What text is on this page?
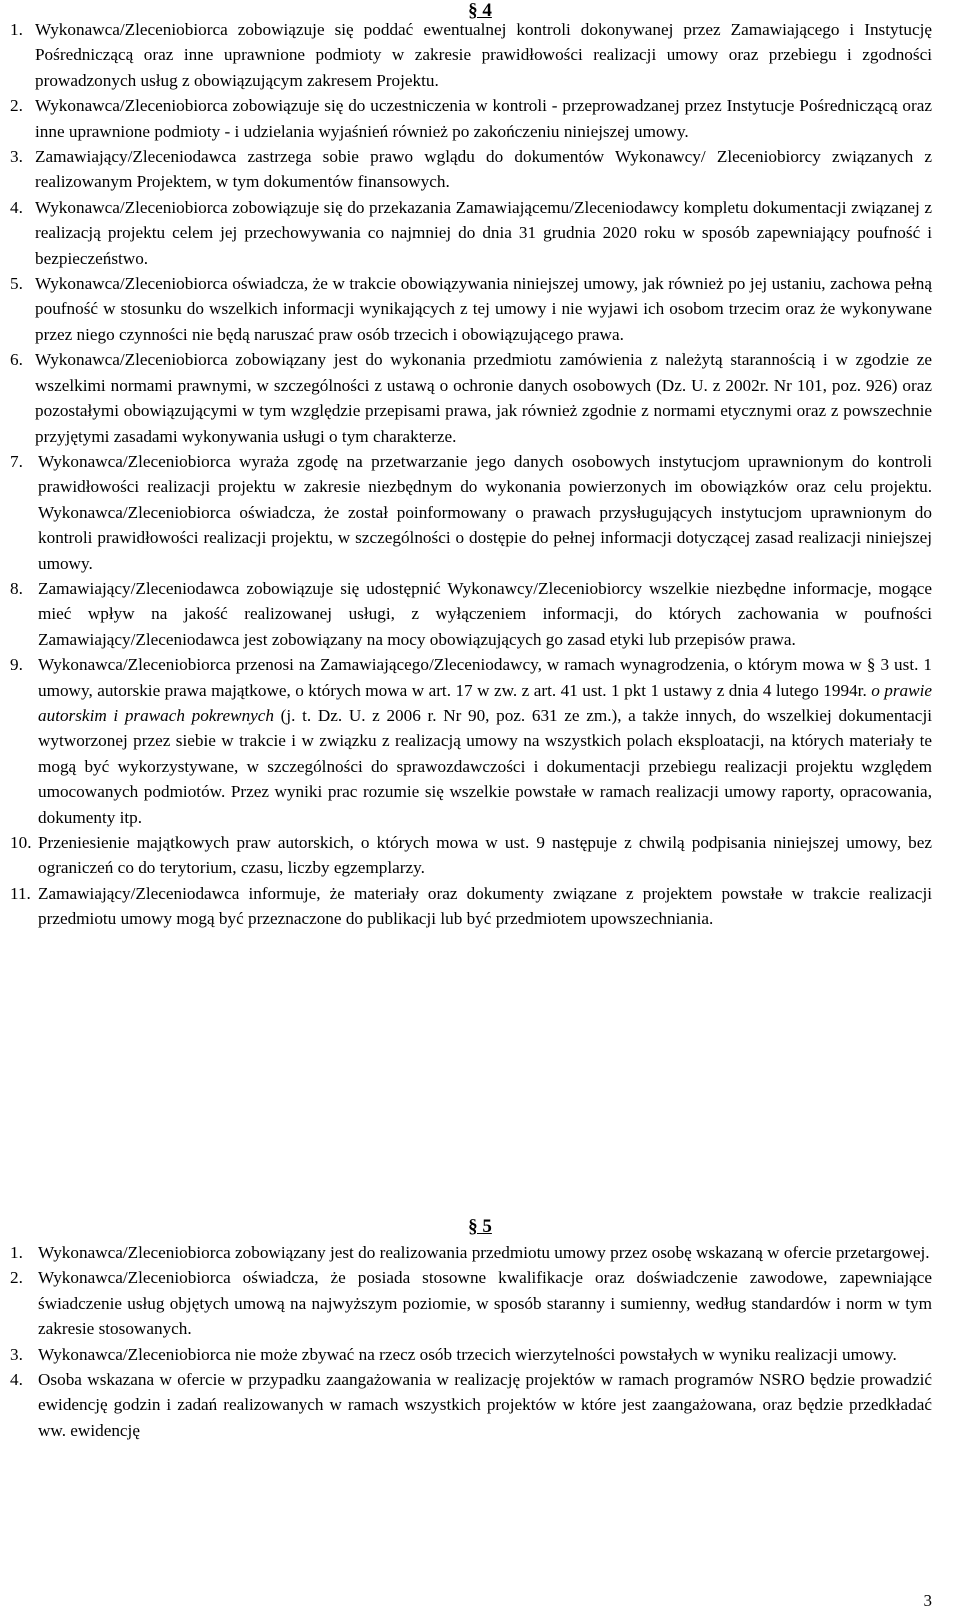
§ 4
1. Wykonawca/Zleceniobiorca zobowiązuje się poddać ewentualnej kontroli dokonywanej przez Zamawiającego i Instytucję Pośredniczącą oraz inne uprawnione podmioty w zakresie prawidłowości realizacji umowy oraz przebiegu i zgodności prowadzonych usług z obowiązującym zakresem Projektu.
2. Wykonawca/Zleceniobiorca zobowiązuje się do uczestniczenia w kontroli - przeprowadzanej przez Instytucje Pośredniczącą oraz inne uprawnione podmioty - i udzielania wyjaśnień również po zakończeniu niniejszej umowy.
3. Zamawiający/Zleceniodawca zastrzega sobie prawo wglądu do dokumentów Wykonawcy/ Zleceniobiorcy związanych z realizowanym Projektem, w tym dokumentów finansowych.
4. Wykonawca/Zleceniobiorca zobowiązuje się do przekazania Zamawiającemu/Zleceniodawcy kompletu dokumentacji związanej z realizacją projektu celem jej przechowywania co najmniej do dnia 31 grudnia 2020 roku w sposób zapewniający poufność i bezpieczeństwo.
5. Wykonawca/Zleceniobiorca oświadcza, że w trakcie obowiązywania niniejszej umowy, jak również po jej ustaniu, zachowa pełną poufność w stosunku do wszelkich informacji wynikających z tej umowy i nie wyjawi ich osobom trzecim oraz że wykonywane przez niego czynności nie będą naruszać praw osób trzecich i obowiązującego prawa.
6. Wykonawca/Zleceniobiorca zobowiązany jest do wykonania przedmiotu zamówienia z należytą starannością i w zgodzie ze wszelkimi normami prawnymi, w szczególności z ustawą o ochronie danych osobowych (Dz. U. z 2002r. Nr 101, poz. 926) oraz pozostałymi obowiązującymi w tym względzie przepisami prawa, jak również zgodnie z normami etycznymi oraz z powszechnie przyjętymi zasadami wykonywania usługi o tym charakterze.
7. Wykonawca/Zleceniobiorca wyraża zgodę na przetwarzanie jego danych osobowych instytucjom uprawnionym do kontroli prawidłowości realizacji projektu w zakresie niezbędnym do wykonania powierzonych im obowiązków oraz celu projektu. Wykonawca/Zleceniobiorca oświadcza, że został poinformowany o prawach przysługujących instytucjom uprawnionym do kontroli prawidłowości realizacji projektu, w szczególności o dostępie do pełnej informacji dotyczącej zasad realizacji niniejszej umowy.
8. Zamawiający/Zleceniodawca zobowiązuje się udostępnić Wykonawcy/Zleceniobiorcy wszelkie niezbędne informacje, mogące mieć wpływ na jakość realizowanej usługi, z wyłączeniem informacji, do których zachowania w poufności Zamawiający/Zleceniodawca jest zobowiązany na mocy obowiązujących go zasad etyki lub przepisów prawa.
9. Wykonawca/Zleceniobiorca przenosi na Zamawiającego/Zleceniodawcy, w ramach wynagrodzenia, o którym mowa w § 3 ust. 1 umowy, autorskie prawa majątkowe, o których mowa w art. 17 w zw. z art. 41 ust. 1 pkt 1 ustawy z dnia 4 lutego 1994r. o prawie autorskim i prawach pokrewnych (j. t. Dz. U. z 2006 r. Nr 90, poz. 631 ze zm.), a także innych, do wszelkiej dokumentacji wytworzonej przez siebie w trakcie i w związku z realizacją umowy na wszystkich polach eksploatacji, na których materiały te mogą być wykorzystywane, w szczególności do sprawozdawczości i dokumentacji przebiegu realizacji projektu względem umocowanych podmiotów. Przez wyniki prac rozumie się wszelkie powstałe w ramach realizacji umowy raporty, opracowania, dokumenty itp.
10. Przeniesienie majątkowych praw autorskich, o których mowa w ust. 9 następuje z chwilą podpisania niniejszej umowy, bez ograniczeń co do terytorium, czasu, liczby egzemplarzy.
11. Zamawiający/Zleceniodawca informuje, że materiały oraz dokumenty związane z projektem powstałe w trakcie realizacji przedmiotu umowy mogą być przeznaczone do publikacji lub być przedmiotem upowszechniania.
§ 5
1. Wykonawca/Zleceniobiorca zobowiązany jest do realizowania przedmiotu umowy przez osobę wskazaną w ofercie przetargowej.
2. Wykonawca/Zleceniobiorca oświadcza, że posiada stosowne kwalifikacje oraz doświadczenie zawodowe, zapewniające świadczenie usług objętych umową na najwyższym poziomie, w sposób staranny i sumienny, według standardów i norm w tym zakresie stosowanych.
3. Wykonawca/Zleceniobiorca nie może zbywać na rzecz osób trzecich wierzytelności powstałych w wyniku realizacji umowy.
4. Osoba wskazana w ofercie w przypadku zaangażowania w realizację projektów w ramach programów NSRO będzie prowadzić ewidencję godzin i zadań realizowanych w ramach wszystkich projektów w które jest zaangażowana, oraz będzie przedkładać ww. ewidencję
3
